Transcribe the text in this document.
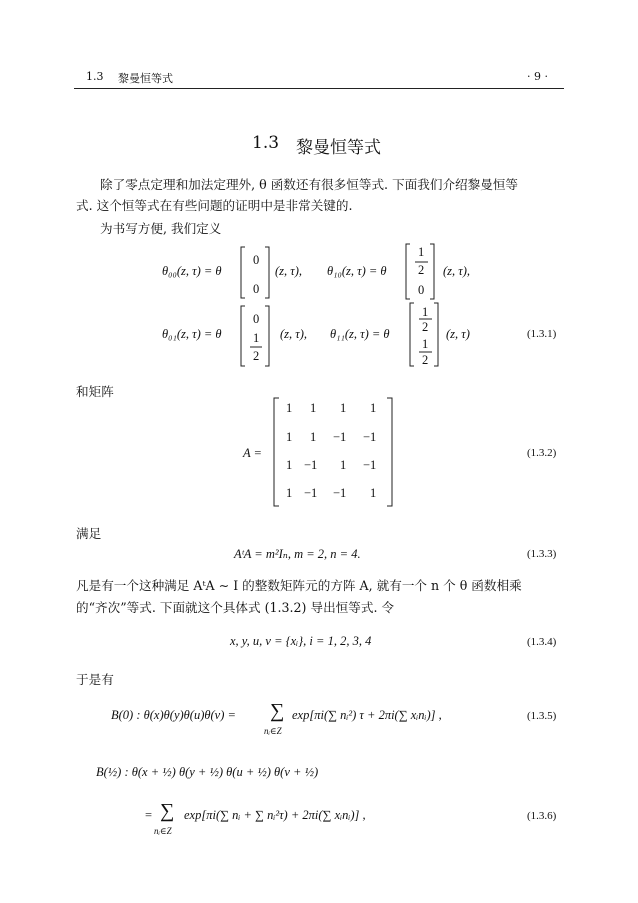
1.3 黎曼恒等式	· 9 ·
1.3 黎曼恒等式
除了零点定理和加法定理外, θ 函数还有很多恒等式. 下面我们介绍黎曼恒等
式. 这个恒等式在有些问题的证明中是非常关键的.
为书写方便, 我们定义
θ₀₀(z, τ) = θ
0
0
(z, τ), θ₁₀(z, τ) = θ
1
2
0
(z, τ),
θ₀₁(z, τ) = θ
0
1
2
(z, τ), θ₁₁(z, τ) = θ
1
2
1
2
(z, τ)	(1.3.1)
和矩阵
A =
1 1 1 1
1 1 −1 −1
1 −1 1 −1
1 −1 −1 1
(1.3.2)
满足
AᵗA = m²Iₙ, m = 2, n = 4.	(1.3.3)
凡是有一个这种满足 AᵗA ∼ I 的整数矩阵元的方阵 A, 就有一个 n 个 θ 函数相乘
的“齐次”等式. 下面就这个具体式 (1.3.2) 导出恒等式. 令
x, y, u, v = {xᵢ}, i = 1, 2, 3, 4	(1.3.4)
于是有
B(0) : θ(x)θ(y)θ(u)θ(v) = ∑
nᵢ∈Z
exp[πi(∑ nᵢ²) τ + 2πi(∑ xᵢnᵢ)] ,	(1.3.5)
B(½) : θ(x + ½) θ(y + ½) θ(u + ½) θ(v + ½)
= ∑
nᵢ∈Z
exp[πi(∑ nᵢ + ∑ nᵢ²τ) + 2πi(∑ xᵢnᵢ)] ,	(1.3.6)
